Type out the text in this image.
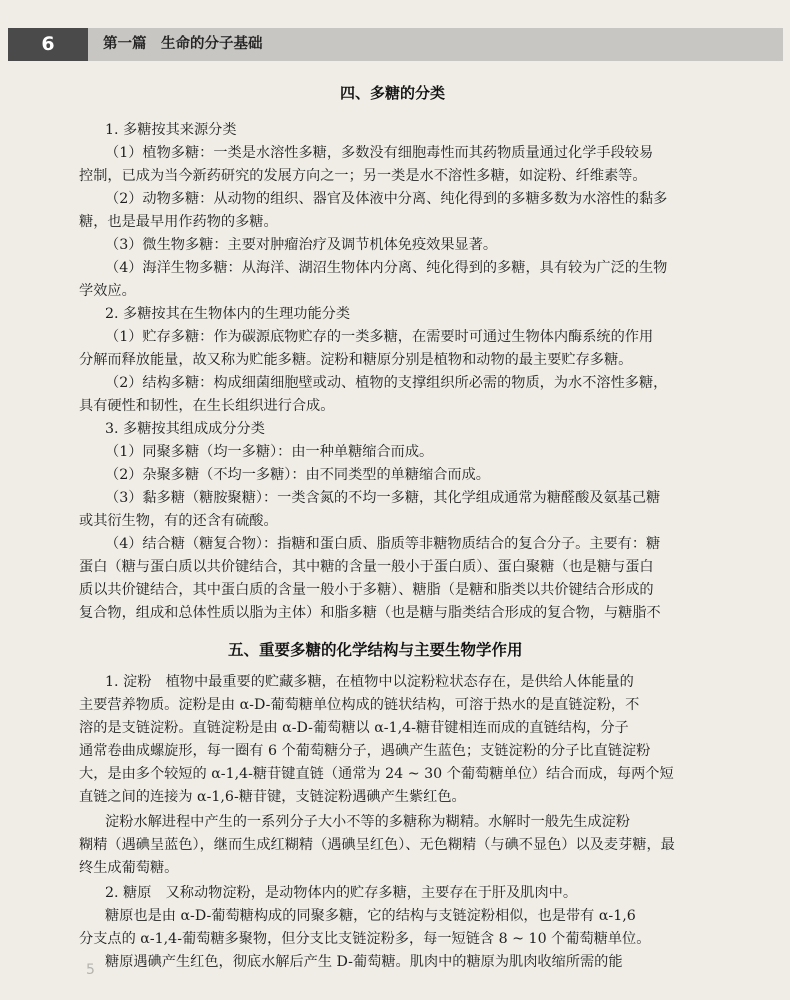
6	第一篇　生命的分子基础
四、多糖的分类
1. 多糖按其来源分类
（1）植物多糖：一类是水溶性多糖，多数没有细胞毒性而其药物质量通过化学手段较易
控制，已成为当今新药研究的发展方向之一；另一类是水不溶性多糖，如淀粉、纤维素等。
（2）动物多糖：从动物的组织、器官及体液中分离、纯化得到的多糖多数为水溶性的黏多
糖，也是最早用作药物的多糖。
（3）微生物多糖：主要对肿瘤治疗及调节机体免疫效果显著。
（4）海洋生物多糖：从海洋、湖沼生物体内分离、纯化得到的多糖，具有较为广泛的生物
学效应。
2. 多糖按其在生物体内的生理功能分类
（1）贮存多糖：作为碳源底物贮存的一类多糖，在需要时可通过生物体内酶系统的作用
分解而释放能量，故又称为贮能多糖。淀粉和糖原分别是植物和动物的最主要贮存多糖。
（2）结构多糖：构成细菌细胞壁或动、植物的支撑组织所必需的物质，为水不溶性多糖，
具有硬性和韧性，在生长组织进行合成。
3. 多糖按其组成成分分类
（1）同聚多糖（均一多糖）：由一种单糖缩合而成。
（2）杂聚多糖（不均一多糖）：由不同类型的单糖缩合而成。
（3）黏多糖（糖胺聚糖）：一类含氮的不均一多糖，其化学组成通常为糖醛酸及氨基己糖
或其衍生物，有的还含有硫酸。
（4）结合糖（糖复合物）：指糖和蛋白质、脂质等非糖物质结合的复合分子。主要有：糖
蛋白（糖与蛋白质以共价键结合，其中糖的含量一般小于蛋白质）、蛋白聚糖（也是糖与蛋白
质以共价键结合，其中蛋白质的含量一般小于多糖）、糖脂（是糖和脂类以共价键结合形成的
复合物，组成和总体性质以脂为主体）和脂多糖（也是糖与脂类结合形成的复合物，与糖脂不
五、重要多糖的化学结构与主要生物学作用
1. 淀粉　植物中最重要的贮藏多糖，在植物中以淀粉粒状态存在，是供给人体能量的
主要营养物质。淀粉是由 α-D-葡萄糖单位构成的链状结构，可溶于热水的是直链淀粉，不
溶的是支链淀粉。直链淀粉是由 α-D-葡萄糖以 α-1,4-糖苷键相连而成的直链结构，分子
通常卷曲成螺旋形，每一圈有 6 个葡萄糖分子，遇碘产生蓝色；支链淀粉的分子比直链淀粉
大，是由多个较短的 α-1,4-糖苷键直链（通常为 24 ~ 30 个葡萄糖单位）结合而成，每两个短
直链之间的连接为 α-1,6-糖苷键，支链淀粉遇碘产生紫红色。
淀粉水解进程中产生的一系列分子大小不等的多糖称为糊精。水解时一般先生成淀粉
糊精（遇碘呈蓝色），继而生成红糊精（遇碘呈红色）、无色糊精（与碘不显色）以及麦芽糖，最
终生成葡萄糖。
2. 糖原　又称动物淀粉，是动物体内的贮存多糖，主要存在于肝及肌肉中。
糖原也是由 α-D-葡萄糖构成的同聚多糖，它的结构与支链淀粉相似，也是带有 α-1,6
分支点的 α-1,4-葡萄糖多聚物，但分支比支链淀粉多，每一短链含 8 ~ 10 个葡萄糖单位。
糖原遇碘产生红色，彻底水解后产生 D-葡萄糖。肌肉中的糖原为肌肉收缩所需的能
5
